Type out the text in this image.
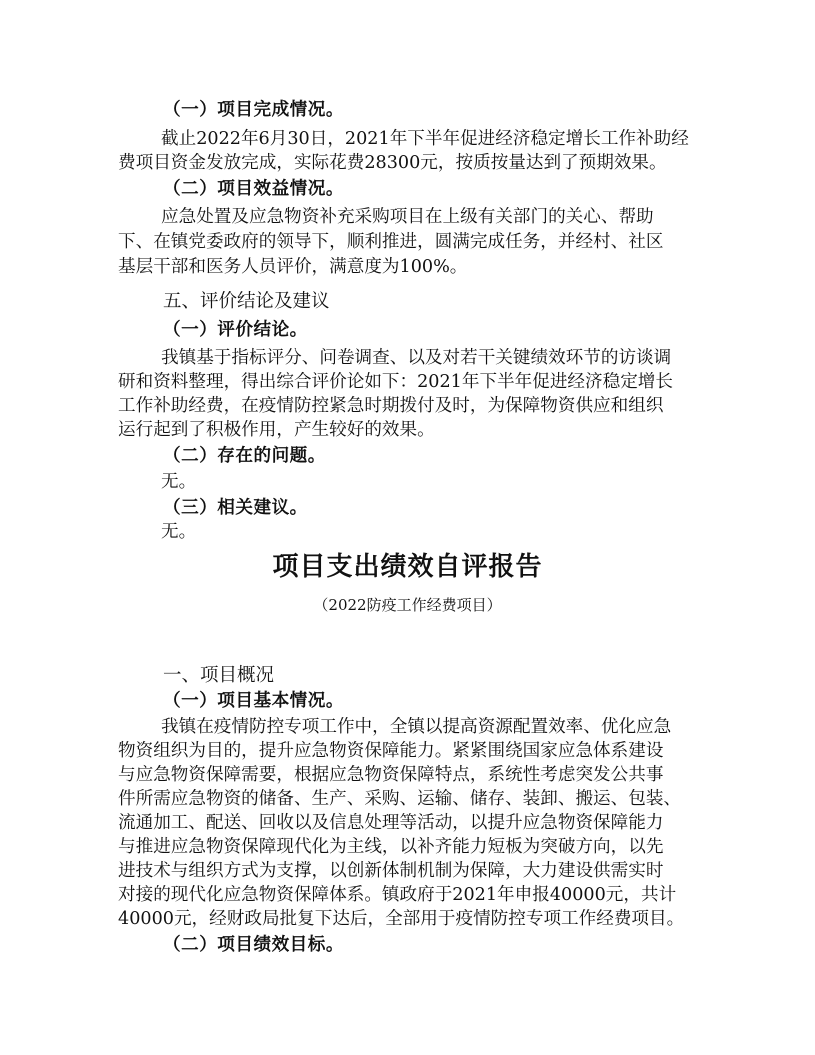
（一）项目完成情况。
截止2022年6月30日，2021年下半年促进经济稳定增长工作补助经
费项目资金发放完成，实际花费28300元，按质按量达到了预期效果。
（二）项目效益情况。
应急处置及应急物资补充采购项目在上级有关部门的关心、帮助
下、在镇党委政府的领导下，顺利推进，圆满完成任务，并经村、社区
基层干部和医务人员评价，满意度为100%。
五、评价结论及建议
（一）评价结论。
我镇基于指标评分、问卷调查、以及对若干关键绩效环节的访谈调
研和资料整理，得出综合评价论如下：2021年下半年促进经济稳定增长
工作补助经费，在疫情防控紧急时期拨付及时，为保障物资供应和组织
运行起到了积极作用，产生较好的效果。
（二）存在的问题。
无。
（三）相关建议。
无。
项目支出绩效自评报告
（2022防疫工作经费项目）
一、项目概况
（一）项目基本情况。
我镇在疫情防控专项工作中，全镇以提高资源配置效率、优化应急
物资组织为目的，提升应急物资保障能力。紧紧围绕国家应急体系建设
与应急物资保障需要，根据应急物资保障特点，系统性考虑突发公共事
件所需应急物资的储备、生产、采购、运输、储存、装卸、搬运、包装、
流通加工、配送、回收以及信息处理等活动，以提升应急物资保障能力
与推进应急物资保障现代化为主线，以补齐能力短板为突破方向，以先
进技术与组织方式为支撑，以创新体制机制为保障，大力建设供需实时
对接的现代化应急物资保障体系。镇政府于2021年申报40000元，共计
40000元，经财政局批复下达后，全部用于疫情防控专项工作经费项目。
（二）项目绩效目标。
